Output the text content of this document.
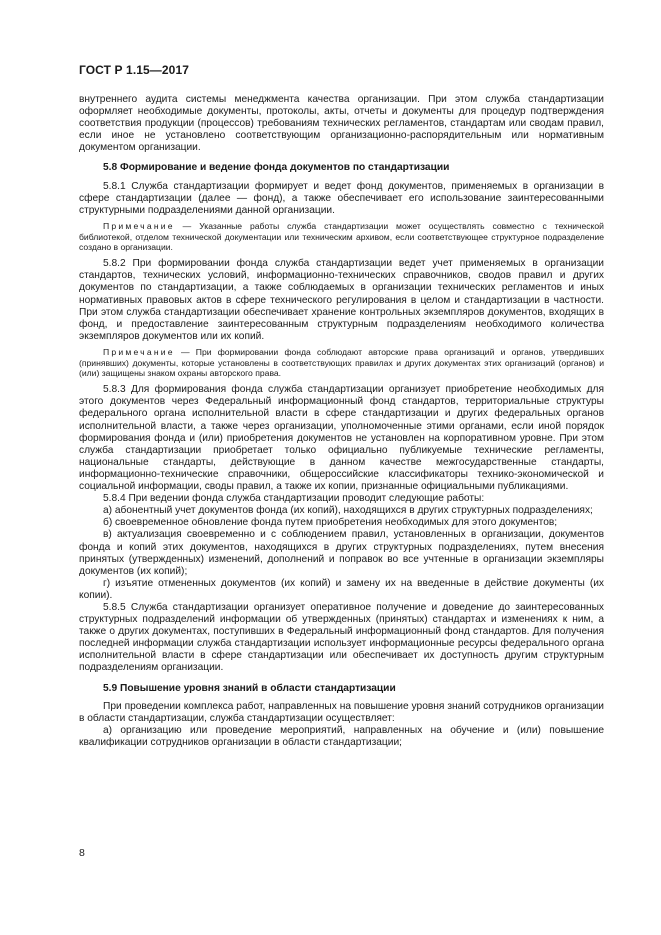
ГОСТ Р 1.15—2017

внутреннего аудита системы менеджмента качества организации. При этом служба стандартизации оформляет необходимые документы, протоколы, акты, отчеты и документы для процедур подтверждения соответствия продукции (процессов) требованиям технических регламентов, стандартам или сводам правил, если иное не установлено соответствующим организационно-распорядительным или нормативным документом организации.

5.8 Формирование и ведение фонда документов по стандартизации

5.8.1 Служба стандартизации формирует и ведет фонд документов, применяемых в организации в сфере стандартизации (далее — фонд), а также обеспечивает его использование заинтересованными структурными подразделениями данной организации.

Примечание — Указанные работы служба стандартизации может осуществлять совместно с технической библиотекой, отделом технической документации или техническим архивом, если соответствующее структурное подразделение создано в организации.

5.8.2 При формировании фонда служба стандартизации ведет учет применяемых в организации стандартов, технических условий, информационно-технических справочников, сводов правил и других документов по стандартизации, а также соблюдаемых в организации технических регламентов и иных нормативных правовых актов в сфере технического регулирования в целом и стандартизации в частности. При этом служба стандартизации обеспечивает хранение контрольных экземпляров документов, входящих в фонд, и предоставление заинтересованным структурным подразделениям необходимого количества экземпляров документов или их копий.

Примечание — При формировании фонда соблюдают авторские права организаций и органов, утвердивших (принявших) документы, которые установлены в соответствующих правилах и других документах этих организаций (органов) и (или) защищены знаком охраны авторского права.

5.8.3 Для формирования фонда служба стандартизации организует приобретение необходимых для этого документов через Федеральный информационный фонд стандартов, территориальные структуры федерального органа исполнительной власти в сфере стандартизации и других федеральных органов исполнительной власти, а также через организации, уполномоченные этими органами, если иной порядок формирования фонда и (или) приобретения документов не установлен на корпоративном уровне. При этом служба стандартизации приобретает только официально публикуемые технические регламенты, национальные стандарты, действующие в данном качестве межгосударственные стандарты, информационно-технические справочники, общероссийские классификаторы технико-экономической и социальной информации, своды правил, а также их копии, признанные официальными публикациями.

5.8.4 При ведении фонда служба стандартизации проводит следующие работы:

а) абонентный учет документов фонда (их копий), находящихся в других структурных подразделениях;

б) своевременное обновление фонда путем приобретения необходимых для этого документов;

в) актуализация своевременно и с соблюдением правил, установленных в организации, документов фонда и копий этих документов, находящихся в других структурных подразделениях, путем внесения принятых (утвержденных) изменений, дополнений и поправок во все учтенные в организации экземпляры документов (их копий);

г) изъятие отмененных документов (их копий) и замену их на введенные в действие документы (их копии).

5.8.5 Служба стандартизации организует оперативное получение и доведение до заинтересованных структурных подразделений информации об утвержденных (принятых) стандартах и изменениях к ним, а также о других документах, поступивших в Федеральный информационный фонд стандартов. Для получения последней информации служба стандартизации использует информационные ресурсы федерального органа исполнительной власти в сфере стандартизации или обеспечивает их доступность другим структурным подразделениям организации.

5.9 Повышение уровня знаний в области стандартизации

При проведении комплекса работ, направленных на повышение уровня знаний сотрудников организации в области стандартизации, служба стандартизации осуществляет:

а) организацию или проведение мероприятий, направленных на обучение и (или) повышение квалификации сотрудников организации в области стандартизации;

8
